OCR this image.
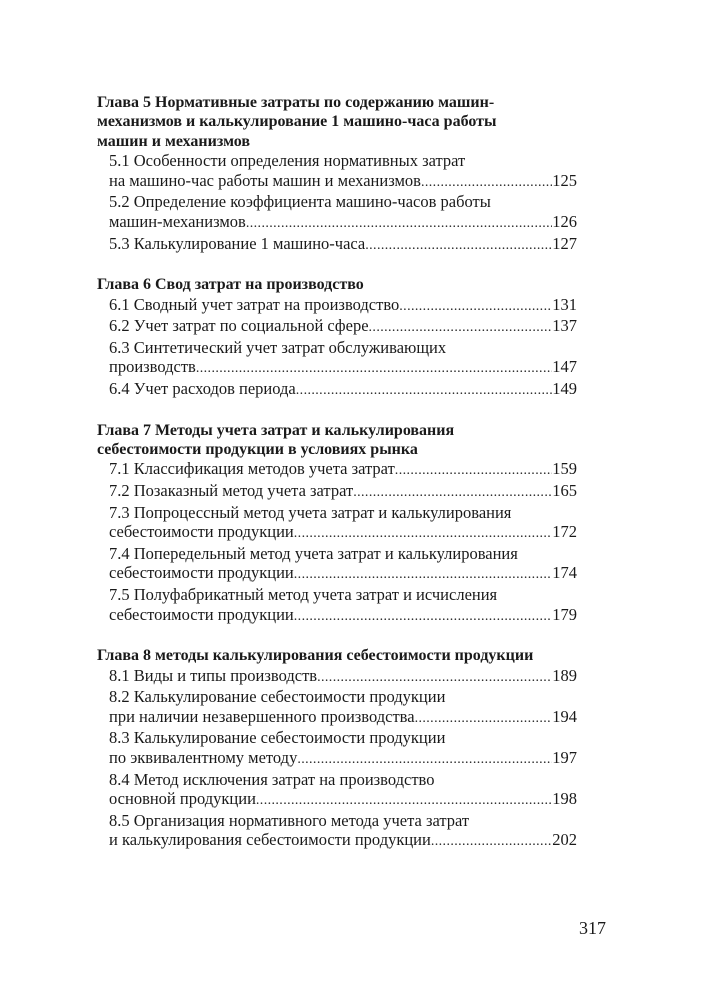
Глава 5 Нормативные затраты по содержанию машин-
механизмов и калькулирование 1 машино-часа работы
машин и механизмов
5.1 Особенности определения нормативных затрат
на машино-час работы машин и механизмов .....	125
5.2 Определение коэффициента машино-часов работы
машин-механизмов .....	126
5.3 Калькулирование 1 машино-часа .....	127
Глава 6 Свод затрат на производство
6.1 Сводный учет затрат на производство .....	131
6.2 Учет затрат по социальной сфере .....	137
6.3 Синтетический учет затрат обслуживающих
производств .....	147
6.4 Учет расходов периода .....	149
Глава 7 Методы учета затрат и калькулирования
себестоимости продукции в условиях рынка
7.1 Классификация методов учета затрат .....	159
7.2 Позаказный метод учета затрат .....	165
7.3 Попроцессный метод учета затрат и калькулирования
себестоимости продукции .....	172
7.4 Попередельный метод учета затрат и калькулирования
себестоимости продукции .....	174
7.5 Полуфабрикатный метод учета затрат и исчисления
себестоимости продукции .....	179
Глава 8 методы калькулирования себестоимости продукции
8.1 Виды и типы производств .....	189
8.2 Калькулирование себестоимости продукции
при наличии незавершенного производства .....	194
8.3 Калькулирование себестоимости продукции
по эквивалентному методу .....	197
8.4 Метод исключения затрат на производство
основной продукции .....	198
8.5 Организация нормативного метода учета затрат
и калькулирования себестоимости продукции .....	202
317
